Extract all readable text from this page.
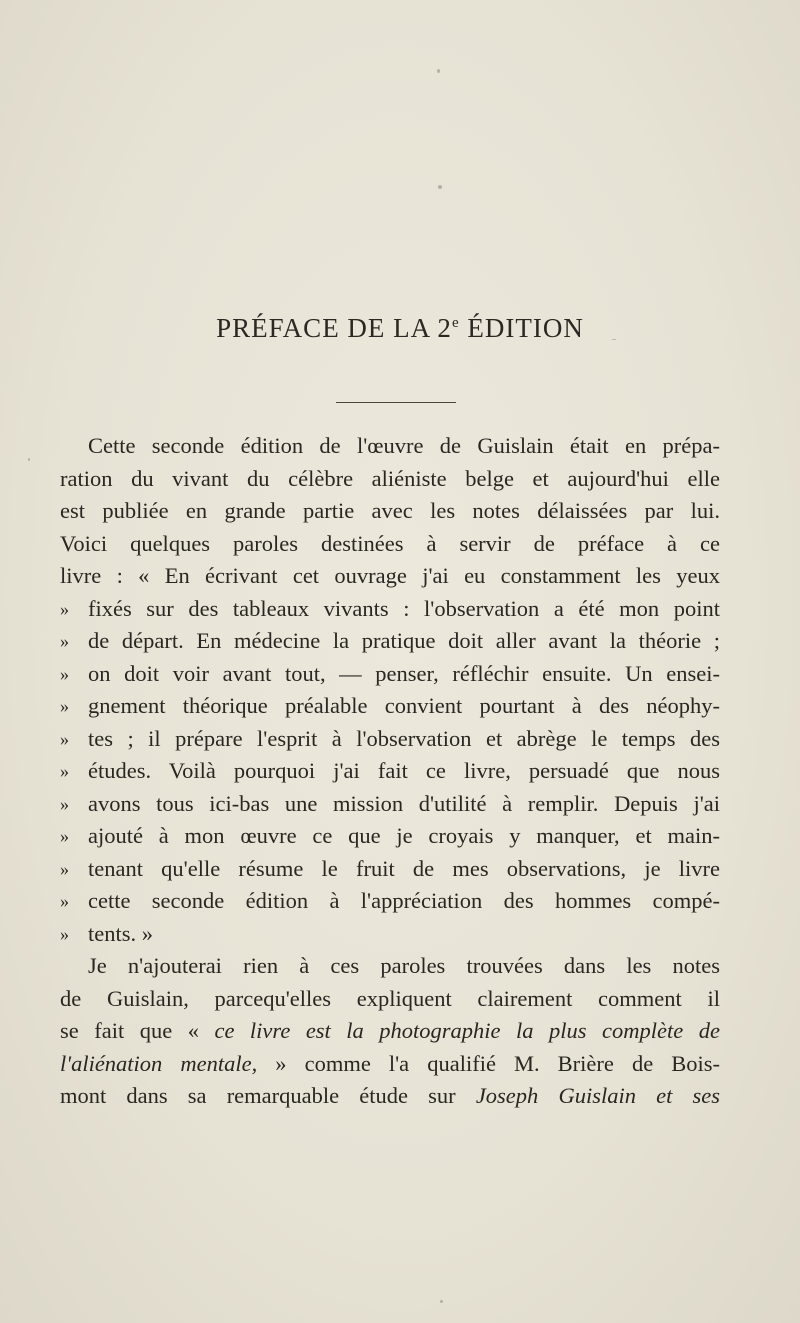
PRÉFACE DE LA 2e ÉDITION
Cette seconde édition de l'œuvre de Guislain était en prépa-
ration du vivant du célèbre aliéniste belge et aujourd'hui elle
est publiée en grande partie avec les notes délaissées par lui.
Voici quelques paroles destinées à servir de préface à ce
livre : « En écrivant cet ouvrage j'ai eu constamment les yeux
» fixés sur des tableaux vivants : l'observation a été mon point
» de départ. En médecine la pratique doit aller avant la théorie ;
» on doit voir avant tout, — penser, réfléchir ensuite. Un ensei-
» gnement théorique préalable convient pourtant à des néophy-
» tes ; il prépare l'esprit à l'observation et abrège le temps des
» études. Voilà pourquoi j'ai fait ce livre, persuadé que nous
» avons tous ici-bas une mission d'utilité à remplir. Depuis j'ai
» ajouté à mon œuvre ce que je croyais y manquer, et main-
» tenant qu'elle résume le fruit de mes observations, je livre
» cette seconde édition à l'appréciation des hommes compé-
» tents. »
Je n'ajouterai rien à ces paroles trouvées dans les notes
de Guislain, parcequ'elles expliquent clairement comment il
se fait que « ce livre est la photographie la plus complète de
l'aliénation mentale, » comme l'a qualifié M. Brière de Bois-
mont dans sa remarquable étude sur Joseph Guislain et ses
